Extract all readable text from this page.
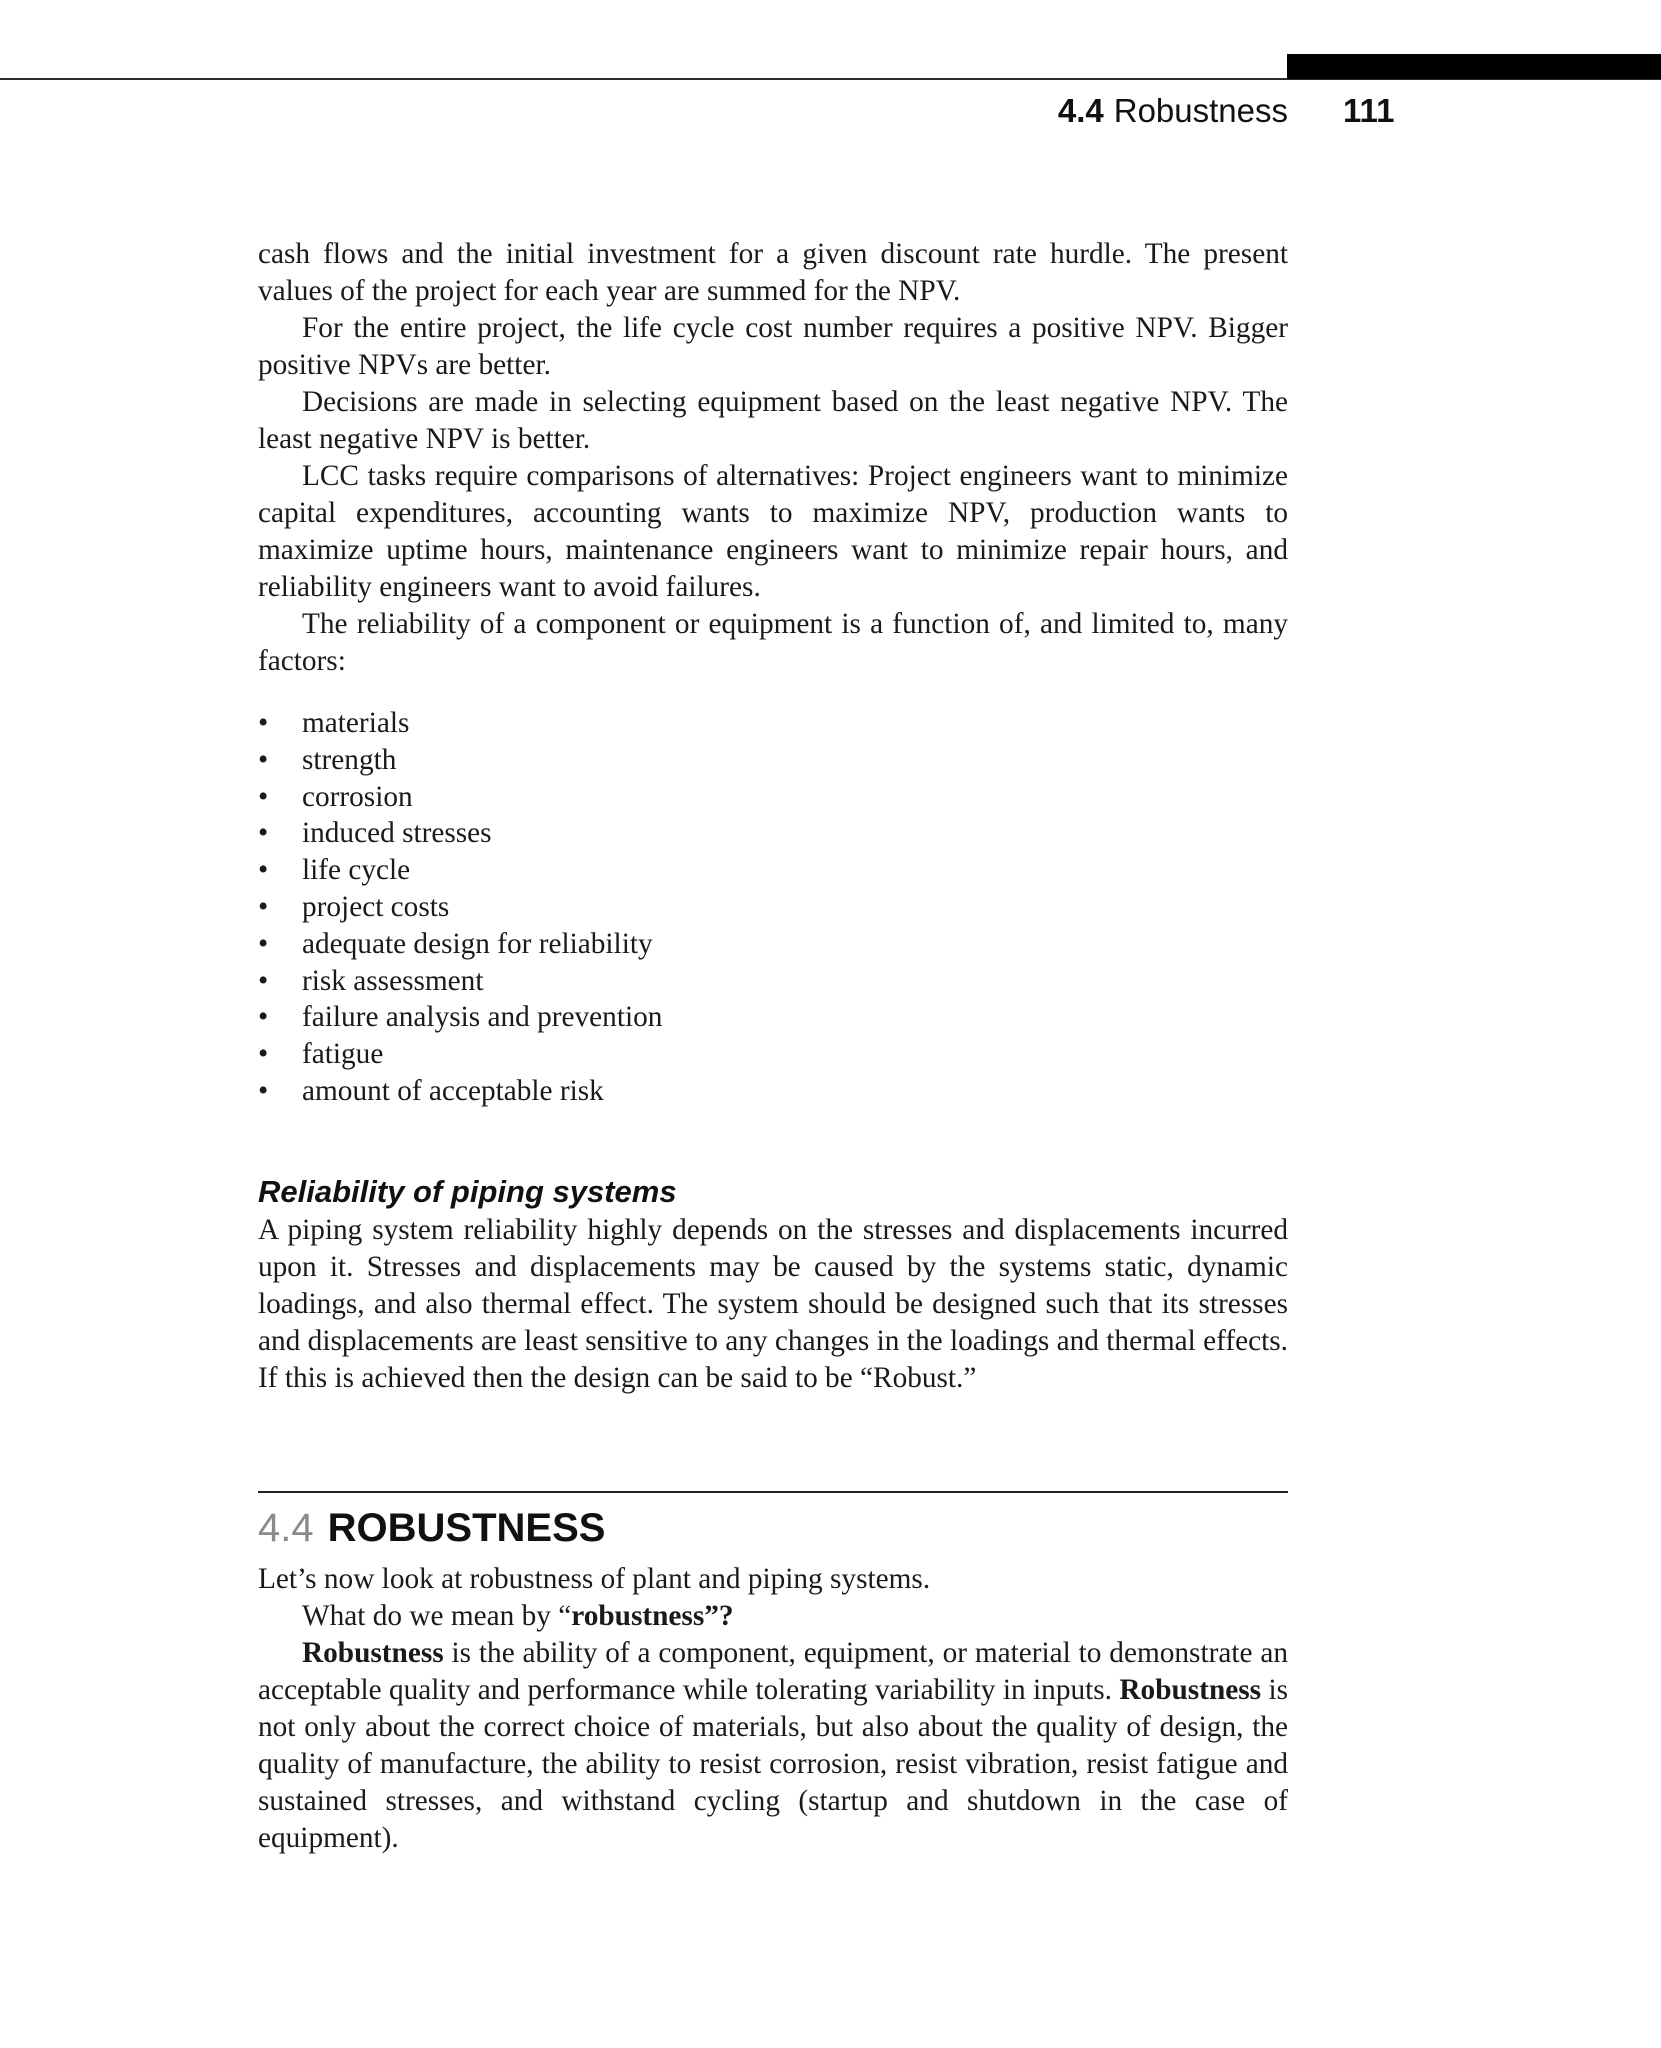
4.4 Robustness 111

cash flows and the initial investment for a given discount rate hurdle. The present values of the project for each year are summed for the NPV.

For the entire project, the life cycle cost number requires a positive NPV. Bigger positive NPVs are better.

Decisions are made in selecting equipment based on the least negative NPV. The least negative NPV is better.

LCC tasks require comparisons of alternatives: Project engineers want to minimize capital expenditures, accounting wants to maximize NPV, production wants to maximize uptime hours, maintenance engineers want to minimize repair hours, and reliability engineers want to avoid failures.

The reliability of a component or equipment is a function of, and limited to, many factors:

• materials
• strength
• corrosion
• induced stresses
• life cycle
• project costs
• adequate design for reliability
• risk assessment
• failure analysis and prevention
• fatigue
• amount of acceptable risk
Reliability of piping systems

A piping system reliability highly depends on the stresses and displacements incurred upon it. Stresses and displacements may be caused by the systems static, dynamic loadings, and also thermal effect. The system should be designed such that its stresses and displacements are least sensitive to any changes in the loadings and thermal effects. If this is achieved then the design can be said to be “Robust.”

4.4 ROBUSTNESS

Let’s now look at robustness of plant and piping systems.

What do we mean by “robustness”?

Robustness is the ability of a component, equipment, or material to demonstrate an acceptable quality and performance while tolerating variability in inputs. Robustness is not only about the correct choice of materials, but also about the quality of design, the quality of manufacture, the ability to resist corrosion, resist vibration, resist fatigue and sustained stresses, and withstand cycling (startup and shutdown in the case of equipment).
